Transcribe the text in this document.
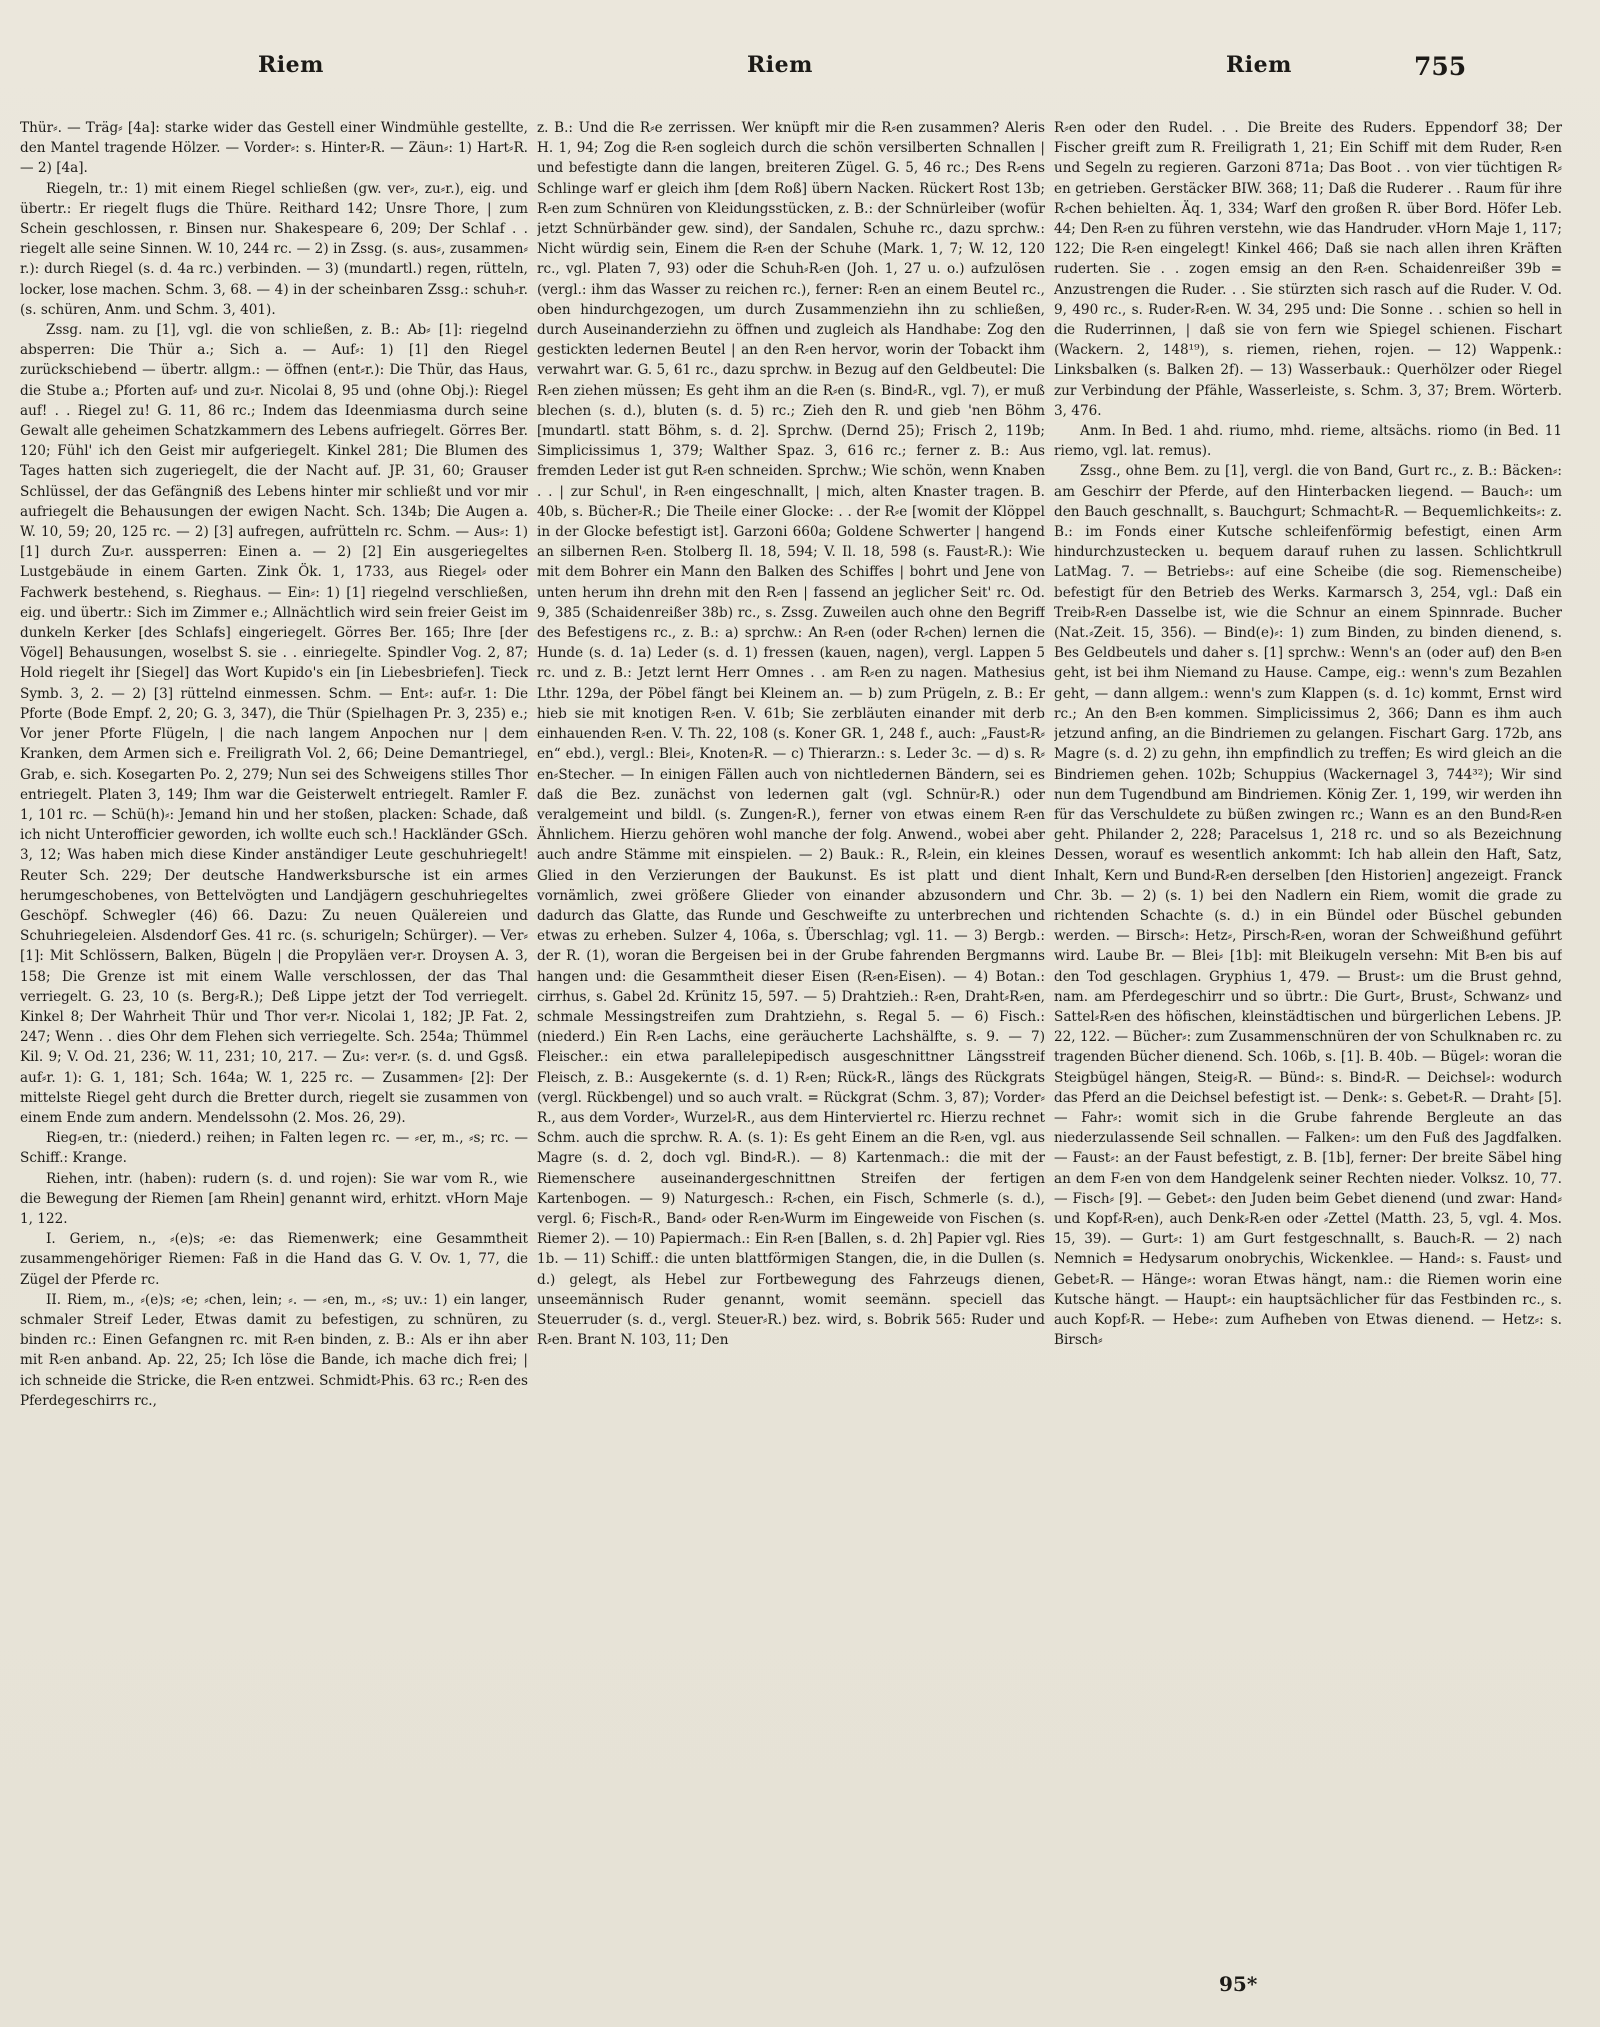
Riem	Riem	Riem	755

Thür⸗. — Träg⸗ [4a]: starke wider das Gestell einer Windmühle gestellte, den Mantel tragende Hölzer. — Vorder⸗: s. Hinter⸗R. — Zäun⸗: 1) Hart⸗R. — 2) [4a].

Riegeln, tr.: 1) mit einem Riegel schließen (gw. ver⸗, zu⸗r.), eig. und übertr.: Er riegelt flugs die Thüre. Reithard 142; Unsre Thore, | zum Schein geschlossen, r. Binsen nur. Shakespeare 6, 209; Der Schlaf . . riegelt alle seine Sinnen. W. 10, 244 rc. — 2) in Zssg. (s. aus⸗, zusammen⸗r.): durch Riegel (s. d. 4a rc.) verbinden. — 3) (mundartl.) regen, rütteln, locker, lose machen. Schm. 3, 68. — 4) in der scheinbaren Zssg.: schuh⸗r. (s. schüren, Anm. und Schm. 3, 401).

Zssg. nam. zu [1], vgl. die von schließen, z. B.: Ab⸗ [1]: riegelnd absperren: Die Thür a.; Sich a. — Auf⸗: 1) [1] den Riegel zurückschiebend — übertr. allgm.: — öffnen (ent⸗r.): Die Thür, das Haus, die Stube a.; Pforten auf⸗ und zu⸗r. Nicolai 8, 95 und (ohne Obj.): Riegel auf! . . Riegel zu! G. 11, 86 rc.; Indem das Ideenmiasma durch seine Gewalt alle geheimen Schatzkammern des Lebens aufriegelt. Görres Ber. 120; Fühl' ich den Geist mir aufgeriegelt. Kinkel 281; Die Blumen des Tages hatten sich zugeriegelt, die der Nacht auf. JP. 31, 60; Grauser Schlüssel, der das Gefängniß des Lebens hinter mir schließt und vor mir aufriegelt die Behausungen der ewigen Nacht. Sch. 134b; Die Augen a. W. 10, 59; 20, 125 rc. — 2) [3] aufregen, aufrütteln rc. Schm. — Aus⸗: 1) [1] durch Zu⸗r. aussperren: Einen a. — 2) [2] Ein ausgeriegeltes Lustgebäude in einem Garten. Zink Ök. 1, 1733, aus Riegel⸗ oder Fachwerk bestehend, s. Rieghaus. — Ein⸗: 1) [1] riegelnd verschließen, eig. und übertr.: Sich im Zimmer e.; Allnächtlich wird sein freier Geist im dunkeln Kerker [des Schlafs] eingeriegelt. Görres Ber. 165; Ihre [der Vögel] Behausungen, woselbst S. sie . . einriegelte. Spindler Vog. 2, 87; Hold riegelt ihr [Siegel] das Wort Kupido's ein [in Liebesbriefen]. Tieck Symb. 3, 2. — 2) [3] rüttelnd einmessen. Schm. — Ent⸗: auf⸗r. 1: Die Pforte (Bode Empf. 2, 20; G. 3, 347), die Thür (Spielhagen Pr. 3, 235) e.; Vor jener Pforte Flügeln, | die nach langem Anpochen nur | dem Kranken, dem Armen sich e. Freiligrath Vol. 2, 66; Deine Demantriegel, Grab, e. sich. Kosegarten Po. 2, 279; Nun sei des Schweigens stilles Thor entriegelt. Platen 3, 149; Ihm war die Geisterwelt entriegelt. Ramler F. 1, 101 rc. — Schü(h)⸗: Jemand hin und her stoßen, placken: Schade, daß ich nicht Unterofficier geworden, ich wollte euch sch.! Hackländer GSch. 3, 12; Was haben mich diese Kinder anständiger Leute geschuhriegelt! Reuter Sch. 229; Der deutsche Handwerksbursche ist ein armes herumgeschobenes, von Bettelvögten und Landjägern geschuhriegeltes Geschöpf. Schwegler (46) 66. Dazu: Zu neuen Quälereien und Schuhriegeleien. Alsdendorf Ges. 41 rc. (s. schurigeln; Schürger). — Ver⸗ [1]: Mit Schlössern, Balken, Bügeln | die Propyläen ver⸗r. Droysen A. 3, 158; Die Grenze ist mit einem Walle verschlossen, der das Thal verriegelt. G. 23, 10 (s. Berg⸗R.); Deß Lippe jetzt der Tod verriegelt. Kinkel 8; Der Wahrheit Thür und Thor ver⸗r. Nicolai 1, 182; JP. Fat. 2, 247; Wenn . . dies Ohr dem Flehen sich verriegelte. Sch. 254a; Thümmel Kil. 9; V. Od. 21, 236; W. 11, 231; 10, 217. — Zu⸗: ver⸗r. (s. d. und Ggsß. auf⸗r. 1): G. 1, 181; Sch. 164a; W. 1, 225 rc. — Zusammen⸗ [2]: Der mittelste Riegel geht durch die Bretter durch, riegelt sie zusammen von einem Ende zum andern. Mendelssohn (2. Mos. 26, 29).

Rieg⸗en, tr.: (niederd.) reihen; in Falten legen rc. — ⸗er, m., ⸗s; rc. — Schiff.: Krange.

Riehen, intr. (haben): rudern (s. d. und rojen): Sie war vom R., wie die Bewegung der Riemen [am Rhein] genannt wird, erhitzt. vHorn Maje 1, 122.

I. Geriem, n., ⸗(e)s; ⸗e: das Riemenwerk; eine Gesammtheit zusammengehöriger Riemen: Faß in die Hand das G. V. Ov. 1, 77, die Zügel der Pferde rc.

II. Riem, m., ⸗(e)s; ⸗e; ⸗chen, lein; ⸗. — ⸗en, m., ⸗s; uv.: 1) ein langer, schmaler Streif Leder, Etwas damit zu befestigen, zu schnüren, zu binden rc.: Einen Gefangnen rc. mit R⸗en binden, z. B.: Als er ihn aber mit R⸗en anband. Ap. 22, 25; Ich löse die Bande, ich mache dich frei; | ich schneide die Stricke, die R⸗en entzwei. Schmidt⸗Phis. 63 rc.; R⸗en des Pferdegeschirrs rc.,

z. B.: Und die R⸗e zerrissen. Wer knüpft mir die R⸗en zusammen? Aleris H. 1, 94; Zog die R⸗en sogleich durch die schön versilberten Schnallen | und befestigte dann die langen, breiteren Zügel. G. 5, 46 rc.; Des R⸗ens Schlinge warf er gleich ihm [dem Roß] übern Nacken. Rückert Rost 13b; R⸗en zum Schnüren von Kleidungsstücken, z. B.: der Schnürleiber (wofür jetzt Schnürbänder gew. sind), der Sandalen, Schuhe rc., dazu sprchw.: Nicht würdig sein, Einem die R⸗en der Schuhe (Mark. 1, 7; W. 12, 120 rc., vgl. Platen 7, 93) oder die Schuh⸗R⸗en (Joh. 1, 27 u. o.) aufzulösen (vergl.: ihm das Wasser zu reichen rc.), ferner: R⸗en an einem Beutel rc., oben hindurchgezogen, um durch Zusammenziehn ihn zu schließen, durch Auseinanderziehn zu öffnen und zugleich als Handhabe: Zog den gestickten ledernen Beutel | an den R⸗en hervor, worin der Tobackt ihm verwahrt war. G. 5, 61 rc., dazu sprchw. in Bezug auf den Geldbeutel: Die R⸗en ziehen müssen; Es geht ihm an die R⸗en (s. Bind⸗R., vgl. 7), er muß blechen (s. d.), bluten (s. d. 5) rc.; Zieh den R. und gieb 'nen Böhm [mundartl. statt Böhm, s. d. 2]. Sprchw. (Dernd 25); Frisch 2, 119b; Simplicissimus 1, 379; Walther Spaz. 3, 616 rc.; ferner z. B.: Aus fremden Leder ist gut R⸗en schneiden. Sprchw.; Wie schön, wenn Knaben . . | zur Schul', in R⸗en eingeschnallt, | mich, alten Knaster tragen. B. 40b, s. Bücher⸗R.; Die Theile einer Glocke: . . der R⸗e [womit der Klöppel in der Glocke befestigt ist]. Garzoni 660a; Goldene Schwerter | hangend an silbernen R⸗en. Stolberg Il. 18, 594; V. Il. 18, 598 (s. Faust⸗R.): Wie mit dem Bohrer ein Mann den Balken des Schiffes | bohrt und Jene von unten herum ihn drehn mit den R⸗en | fassend an jeglicher Seit' rc. Od. 9, 385 (Schaidenreißer 38b) rc., s. Zssg. Zuweilen auch ohne den Begriff des Befestigens rc., z. B.: a) sprchw.: An R⸗en (oder R⸗chen) lernen die Hunde (s. d. 1a) Leder (s. d. 1) fressen (kauen, nagen), vergl. Lappen 5 rc. und z. B.: Jetzt lernt Herr Omnes . . am R⸗en zu nagen. Mathesius Lthr. 129a, der Pöbel fängt bei Kleinem an. — b) zum Prügeln, z. B.: Er hieb sie mit knotigen R⸗en. V. 61b; Sie zerbläuten einander mit derb einhauenden R⸗en. V. Th. 22, 108 (s. Koner GR. 1, 248 f., auch: „Faust⸗R⸗en“ ebd.), vergl.: Blei⸗, Knoten⸗R. — c) Thierarzn.: s. Leder 3c. — d) s. R⸗en⸗Stecher. — In einigen Fällen auch von nichtledernen Bändern, sei es daß die Bez. zunächst von ledernen galt (vgl. Schnür⸗R.) oder veralgemeint und bildl. (s. Zungen⸗R.), ferner von etwas einem R⸗en Ähnlichem. Hierzu gehören wohl manche der folg. Anwend., wobei aber auch andre Stämme mit einspielen. — 2) Bauk.: R., R⸗lein, ein kleines Glied in den Verzierungen der Baukunst. Es ist platt und dient vornämlich, zwei größere Glieder von einander abzusondern und dadurch das Glatte, das Runde und Geschweifte zu unterbrechen und etwas zu erheben. Sulzer 4, 106a, s. Überschlag; vgl. 11. — 3) Bergb.: der R. (1), woran die Bergeisen bei in der Grube fahrenden Bergmanns hangen und: die Gesammtheit dieser Eisen (R⸗en⸗Eisen). — 4) Botan.: cirrhus, s. Gabel 2d. Krünitz 15, 597. — 5) Drahtzieh.: R⸗en, Draht⸗R⸗en, schmale Messingstreifen zum Drahtziehn, s. Regal 5. — 6) Fisch.: (niederd.) Ein R⸗en Lachs, eine geräucherte Lachshälfte, s. 9. — 7) Fleischer.: ein etwa parallelepipedisch ausgeschnittner Längsstreif Fleisch, z. B.: Ausgekernte (s. d. 1) R⸗en; Rück⸗R., längs des Rückgrats (vergl. Rückbengel) und so auch vralt. = Rückgrat (Schm. 3, 87); Vorder⸗R., aus dem Vorder⸗, Wurzel⸗R., aus dem Hinterviertel rc. Hierzu rechnet Schm. auch die sprchw. R. A. (s. 1): Es geht Einem an die R⸗en, vgl. aus Magre (s. d. 2, doch vgl. Bind⸗R.). — 8) Kartenmach.: die mit der Riemenschere auseinandergeschnittnen Streifen der fertigen Kartenbogen. — 9) Naturgesch.: R⸗chen, ein Fisch, Schmerle (s. d.), vergl. 6; Fisch⸗R., Band⸗ oder R⸗en⸗Wurm im Eingeweide von Fischen (s. Riemer 2). — 10) Papiermach.: Ein R⸗en [Ballen, s. d. 2h] Papier vgl. Ries 1b. — 11) Schiff.: die unten blattförmigen Stangen, die, in die Dullen (s. d.) gelegt, als Hebel zur Fortbewegung des Fahrzeugs dienen, unseemännisch Ruder genannt, womit seemänn. speciell das Steuerruder (s. d., vergl. Steuer⸗R.) bez. wird, s. Bobrik 565: Ruder und R⸗en. Brant N. 103, 11; Den

R⸗en oder den Rudel. . . Die Breite des Ruders. Eppendorf 38; Der Fischer greift zum R. Freiligrath 1, 21; Ein Schiff mit dem Ruder, R⸗en und Segeln zu regieren. Garzoni 871a; Das Boot . . von vier tüchtigen R⸗en getrieben. Gerstäcker BIW. 368; 11; Daß die Ruderer . . Raum für ihre R⸗chen behielten. Äq. 1, 334; Warf den großen R. über Bord. Höfer Leb. 44; Den R⸗en zu führen verstehn, wie das Handruder. vHorn Maje 1, 117; 122; Die R⸗en eingelegt! Kinkel 466; Daß sie nach allen ihren Kräften ruderten. Sie . . zogen emsig an den R⸗en. Schaidenreißer 39b = Anzustrengen die Ruder. . . Sie stürzten sich rasch auf die Ruder. V. Od. 9, 490 rc., s. Ruder⸗R⸗en. W. 34, 295 und: Die Sonne . . schien so hell in die Ruderrinnen, | daß sie von fern wie Spiegel schienen. Fischart (Wackern. 2, 148¹⁹), s. riemen, riehen, rojen. — 12) Wappenk.: Linksbalken (s. Balken 2f). — 13) Wasserbauk.: Querhölzer oder Riegel zur Verbindung der Pfähle, Wasserleiste, s. Schm. 3, 37; Brem. Wörterb. 3, 476.

Anm. In Bed. 1 ahd. riumo, mhd. rieme, altsächs. riomo (in Bed. 11 riemo, vgl. lat. remus).

Zssg., ohne Bem. zu [1], vergl. die von Band, Gurt rc., z. B.: Bäcken⸗: am Geschirr der Pferde, auf den Hinterbacken liegend. — Bauch⸗: um den Bauch geschnallt, s. Bauchgurt; Schmacht⸗R. — Bequemlichkeits⸗: z. B.: im Fonds einer Kutsche schleifenförmig befestigt, einen Arm hindurchzustecken u. bequem darauf ruhen zu lassen. Schlichtkrull LatMag. 7. — Betriebs⸗: auf eine Scheibe (die sog. Riemenscheibe) befestigt für den Betrieb des Werks. Karmarsch 3, 254, vgl.: Daß ein Treib⸗R⸗en Dasselbe ist, wie die Schnur an einem Spinnrade. Bucher (Nat.⸗Zeit. 15, 356). — Bind(e)⸗: 1) zum Binden, zu binden dienend, s. Bes Geldbeutels und daher s. [1] sprchw.: Wenn's an (oder auf) den B⸗en geht, ist bei ihm Niemand zu Hause. Campe, eig.: wenn's zum Bezahlen geht, — dann allgem.: wenn's zum Klappen (s. d. 1c) kommt, Ernst wird rc.; An den B⸗en kommen. Simplicissimus 2, 366; Dann es ihm auch jetzund anfing, an die Bindriemen zu gelangen. Fischart Garg. 172b, ans Magre (s. d. 2) zu gehn, ihn empfindlich zu treffen; Es wird gleich an die Bindriemen gehen. 102b; Schuppius (Wackernagel 3, 744³²); Wir sind nun dem Tugendbund am Bindriemen. König Zer. 1, 199, wir werden ihn für das Verschuldete zu büßen zwingen rc.; Wann es an den Bund⸗R⸗en geht. Philander 2, 228; Paracelsus 1, 218 rc. und so als Bezeichnung Dessen, worauf es wesentlich ankommt: Ich hab allein den Haft, Satz, Inhalt, Kern und Bund⸗R⸗en derselben [den Historien] angezeigt. Franck Chr. 3b. — 2) (s. 1) bei den Nadlern ein Riem, womit die grade zu richtenden Schachte (s. d.) in ein Bündel oder Büschel gebunden werden. — Birsch⸗: Hetz⸗, Pirsch⸗R⸗en, woran der Schweißhund geführt wird. Laube Br. — Blei⸗ [1b]: mit Bleikugeln versehn: Mit B⸗en bis auf den Tod geschlagen. Gryphius 1, 479. — Brust⸗: um die Brust gehnd, nam. am Pferdegeschirr und so übrtr.: Die Gurt⸗, Brust⸗, Schwanz⸗ und Sattel⸗R⸗en des höfischen, kleinstädtischen und bürgerlichen Lebens. JP. 22, 122. — Bücher⸗: zum Zusammenschnüren der von Schulknaben rc. zu tragenden Bücher dienend. Sch. 106b, s. [1]. B. 40b. — Bügel⸗: woran die Steigbügel hängen, Steig⸗R. — Bünd⸗: s. Bind⸗R. — Deichsel⸗: wodurch das Pferd an die Deichsel befestigt ist. — Denk⸗: s. Gebet⸗R. — Draht⸗ [5]. — Fahr⸗: womit sich in die Grube fahrende Bergleute an das niederzulassende Seil schnallen. — Falken⸗: um den Fuß des Jagdfalken. — Faust⸗: an der Faust befestigt, z. B. [1b], ferner: Der breite Säbel hing an dem F⸗en von dem Handgelenk seiner Rechten nieder. Volksz. 10, 77. — Fisch⸗ [9]. — Gebet⸗: den Juden beim Gebet dienend (und zwar: Hand⸗ und Kopf⸗R⸗en), auch Denk⸗R⸗en oder ⸗Zettel (Matth. 23, 5, vgl. 4. Mos. 15, 39). — Gurt⸗: 1) am Gurt festgeschnallt, s. Bauch⸗R. — 2) nach Nemnich = Hedysarum onobrychis, Wickenklee. — Hand⸗: s. Faust⸗ und Gebet⸗R. — Hänge⸗: woran Etwas hängt, nam.: die Riemen worin eine Kutsche hängt. — Haupt⸗: ein hauptsächlicher für das Festbinden rc., s. auch Kopf⸗R. — Hebe⸗: zum Aufheben von Etwas dienend. — Hetz⸗: s. Birsch⸗

95*
